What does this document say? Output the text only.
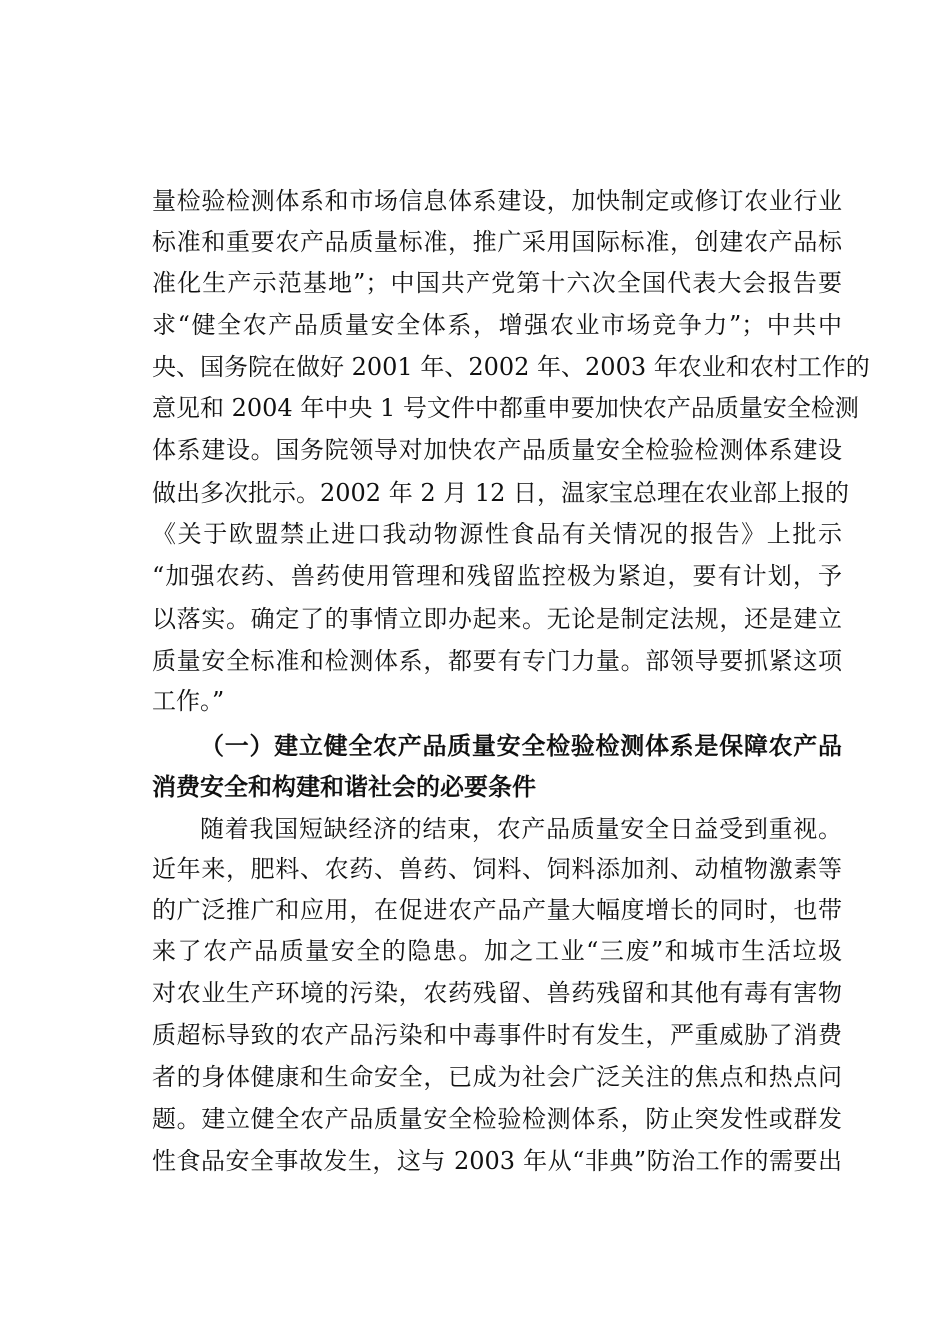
量检验检测体系和市场信息体系建设，加快制定或修订农业行业
标准和重要农产品质量标准，推广采用国际标准，创建农产品标
准化生产示范基地”；中国共产党第十六次全国代表大会报告要
求“健全农产品质量安全体系，增强农业市场竞争力”；中共中
央、国务院在做好 2001 年、2002 年、2003 年农业和农村工作的
意见和 2004 年中央 1 号文件中都重申要加快农产品质量安全检测
体系建设。国务院领导对加快农产品质量安全检验检测体系建设
做出多次批示。2002 年 2 月 12 日，温家宝总理在农业部上报的
《关于欧盟禁止进口我动物源性食品有关情况的报告》上批示
“加强农药、兽药使用管理和残留监控极为紧迫，要有计划，予
以落实。确定了的事情立即办起来。无论是制定法规，还是建立
质量安全标准和检测体系，都要有专门力量。部领导要抓紧这项
工作。”
（一）建立健全农产品质量安全检验检测体系是保障农产品
消费安全和构建和谐社会的必要条件
随着我国短缺经济的结束，农产品质量安全日益受到重视。
近年来，肥料、农药、兽药、饲料、饲料添加剂、动植物激素等
的广泛推广和应用，在促进农产品产量大幅度增长的同时，也带
来了农产品质量安全的隐患。加之工业“三废”和城市生活垃圾
对农业生产环境的污染，农药残留、兽药残留和其他有毒有害物
质超标导致的农产品污染和中毒事件时有发生，严重威胁了消费
者的身体健康和生命安全，已成为社会广泛关注的焦点和热点问
题。建立健全农产品质量安全检验检测体系，防止突发性或群发
性食品安全事故发生，这与 2003 年从“非典”防治工作的需要出
